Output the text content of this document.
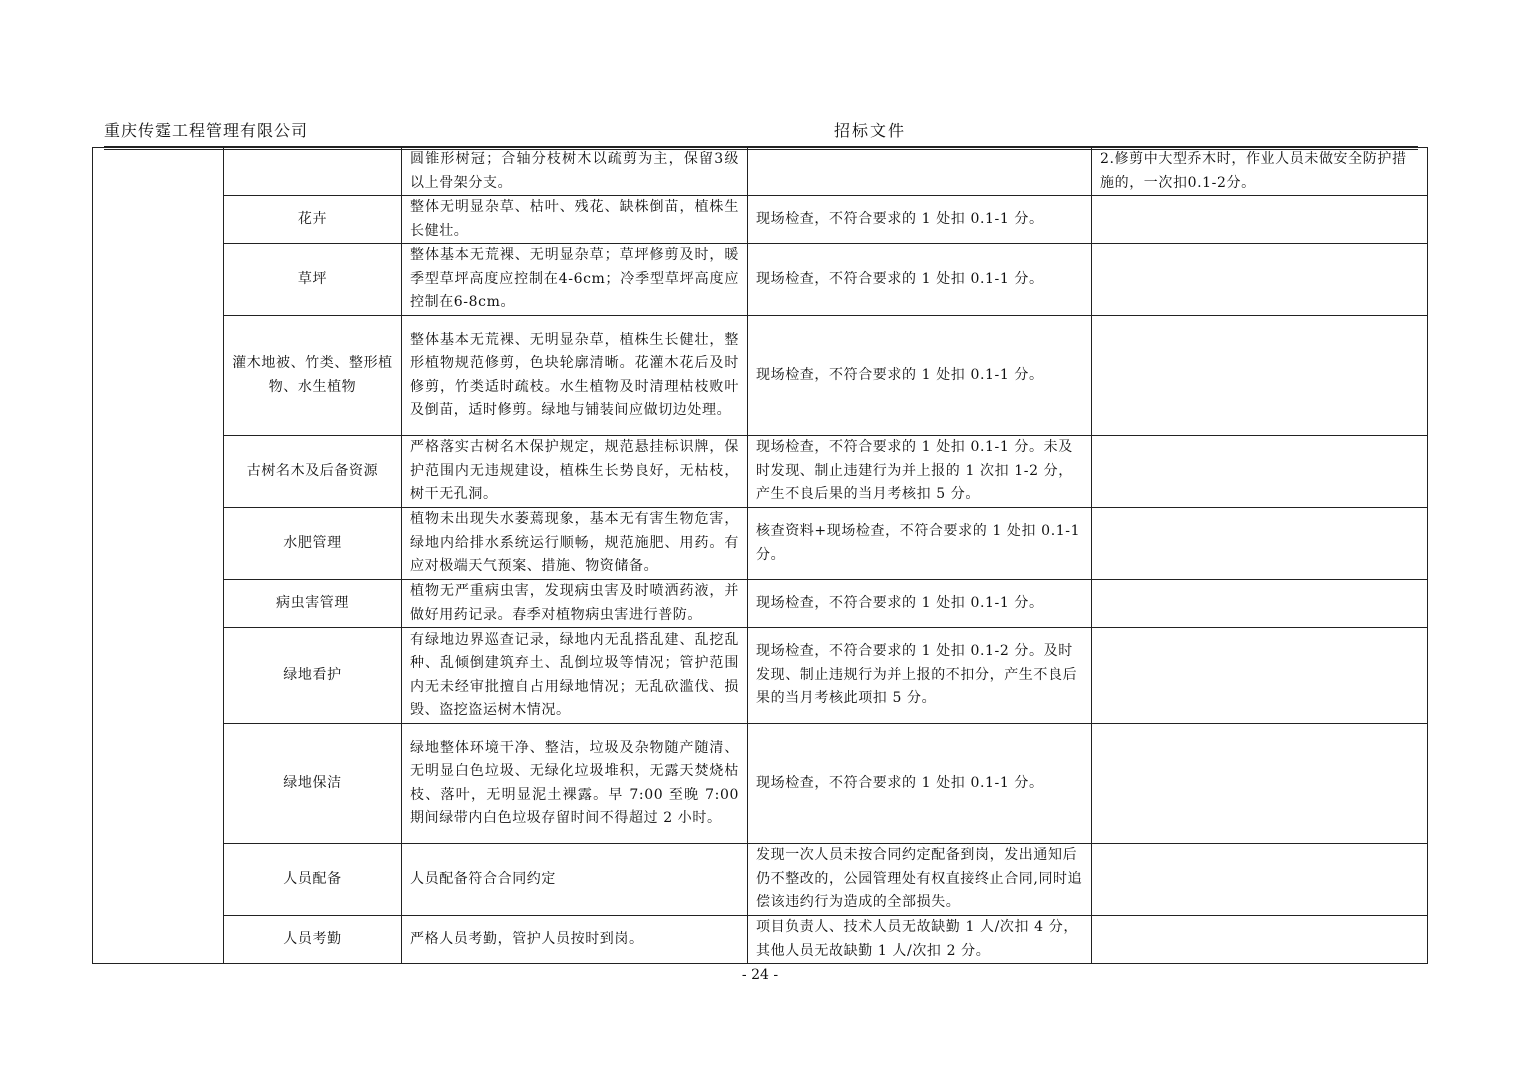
重庆传霆工程管理有限公司	招标文件
		圆锥形树冠；合轴分枝树木以疏剪为主，保留3级以上骨架分支。		2.修剪中大型乔木时，作业人员未做安全防护措施的，一次扣0.1-2分。
	花卉	整体无明显杂草、枯叶、残花、缺株倒苗，植株生长健壮。	现场检查，不符合要求的 1 处扣 0.1-1 分。	
	草坪	整体基本无荒裸、无明显杂草；草坪修剪及时，暖季型草坪高度应控制在4-6cm；冷季型草坪高度应控制在6-8cm。	现场检查，不符合要求的 1 处扣 0.1-1 分。	
	灌木地被、竹类、整形植物、水生植物	整体基本无荒裸、无明显杂草，植株生长健壮，整形植物规范修剪，色块轮廓清晰。花灌木花后及时修剪，竹类适时疏枝。水生植物及时清理枯枝败叶及倒苗，适时修剪。绿地与铺装间应做切边处理。	现场检查，不符合要求的 1 处扣 0.1-1 分。	
	古树名木及后备资源	严格落实古树名木保护规定，规范悬挂标识牌，保护范围内无违规建设，植株生长势良好，无枯枝，树干无孔洞。	现场检查，不符合要求的 1 处扣 0.1-1 分。未及时发现、制止违建行为并上报的 1 次扣 1-2 分，产生不良后果的当月考核扣 5 分。	
	水肥管理	植物未出现失水萎蔫现象，基本无有害生物危害，绿地内给排水系统运行顺畅，规范施肥、用药。有应对极端天气预案、措施、物资储备。	核查资料+现场检查，不符合要求的 1 处扣 0.1-1 分。	
	病虫害管理	植物无严重病虫害，发现病虫害及时喷洒药液，并做好用药记录。春季对植物病虫害进行普防。	现场检查，不符合要求的 1 处扣 0.1-1 分。	
	绿地看护	有绿地边界巡查记录，绿地内无乱搭乱建、乱挖乱种、乱倾倒建筑弃土、乱倒垃圾等情况；管护范围内无未经审批擅自占用绿地情况；无乱砍滥伐、损毁、盗挖盗运树木情况。	现场检查，不符合要求的 1 处扣 0.1-2 分。及时发现、制止违规行为并上报的不扣分，产生不良后果的当月考核此项扣 5 分。	
	绿地保洁	绿地整体环境干净、整洁，垃圾及杂物随产随清、无明显白色垃圾、无绿化垃圾堆积，无露天焚烧枯枝、落叶，无明显泥土裸露。早 7:00 至晚 7:00 期间绿带内白色垃圾存留时间不得超过 2 小时。	现场检查，不符合要求的 1 处扣 0.1-1 分。	
	人员配备	人员配备符合合同约定	发现一次人员未按合同约定配备到岗，发出通知后仍不整改的，公园管理处有权直接终止合同,同时追偿该违约行为造成的全部损失。	
	人员考勤	严格人员考勤，管护人员按时到岗。	项目负责人、技术人员无故缺勤 1 人/次扣 4 分，其他人员无故缺勤 1 人/次扣 2 分。	
- 24 -
